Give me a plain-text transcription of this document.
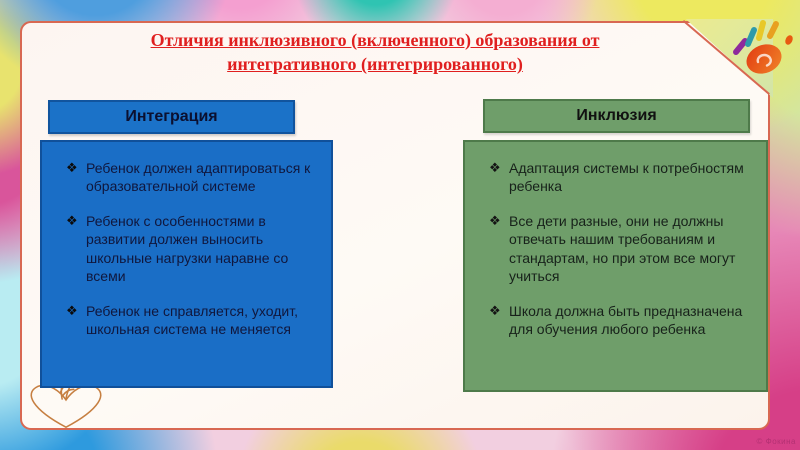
Отличия инклюзивного (включенного) образования от интегративного (интегрированного)
Интеграция	Инклюзия
❖ Ребенок должен адаптироваться к образовательной системе
❖ Ребенок с особенностями в развитии должен выносить школьные нагрузки наравне со всеми
❖ Ребенок не справляется, уходит, школьная система не меняется
❖ Адаптация системы к потребностям ребенка
❖ Все дети разные, они не должны отвечать нашим требованиям и стандартам, но при этом все могут учиться
❖ Школа должна быть предназначена для обучения любого ребенка
© Фокина
